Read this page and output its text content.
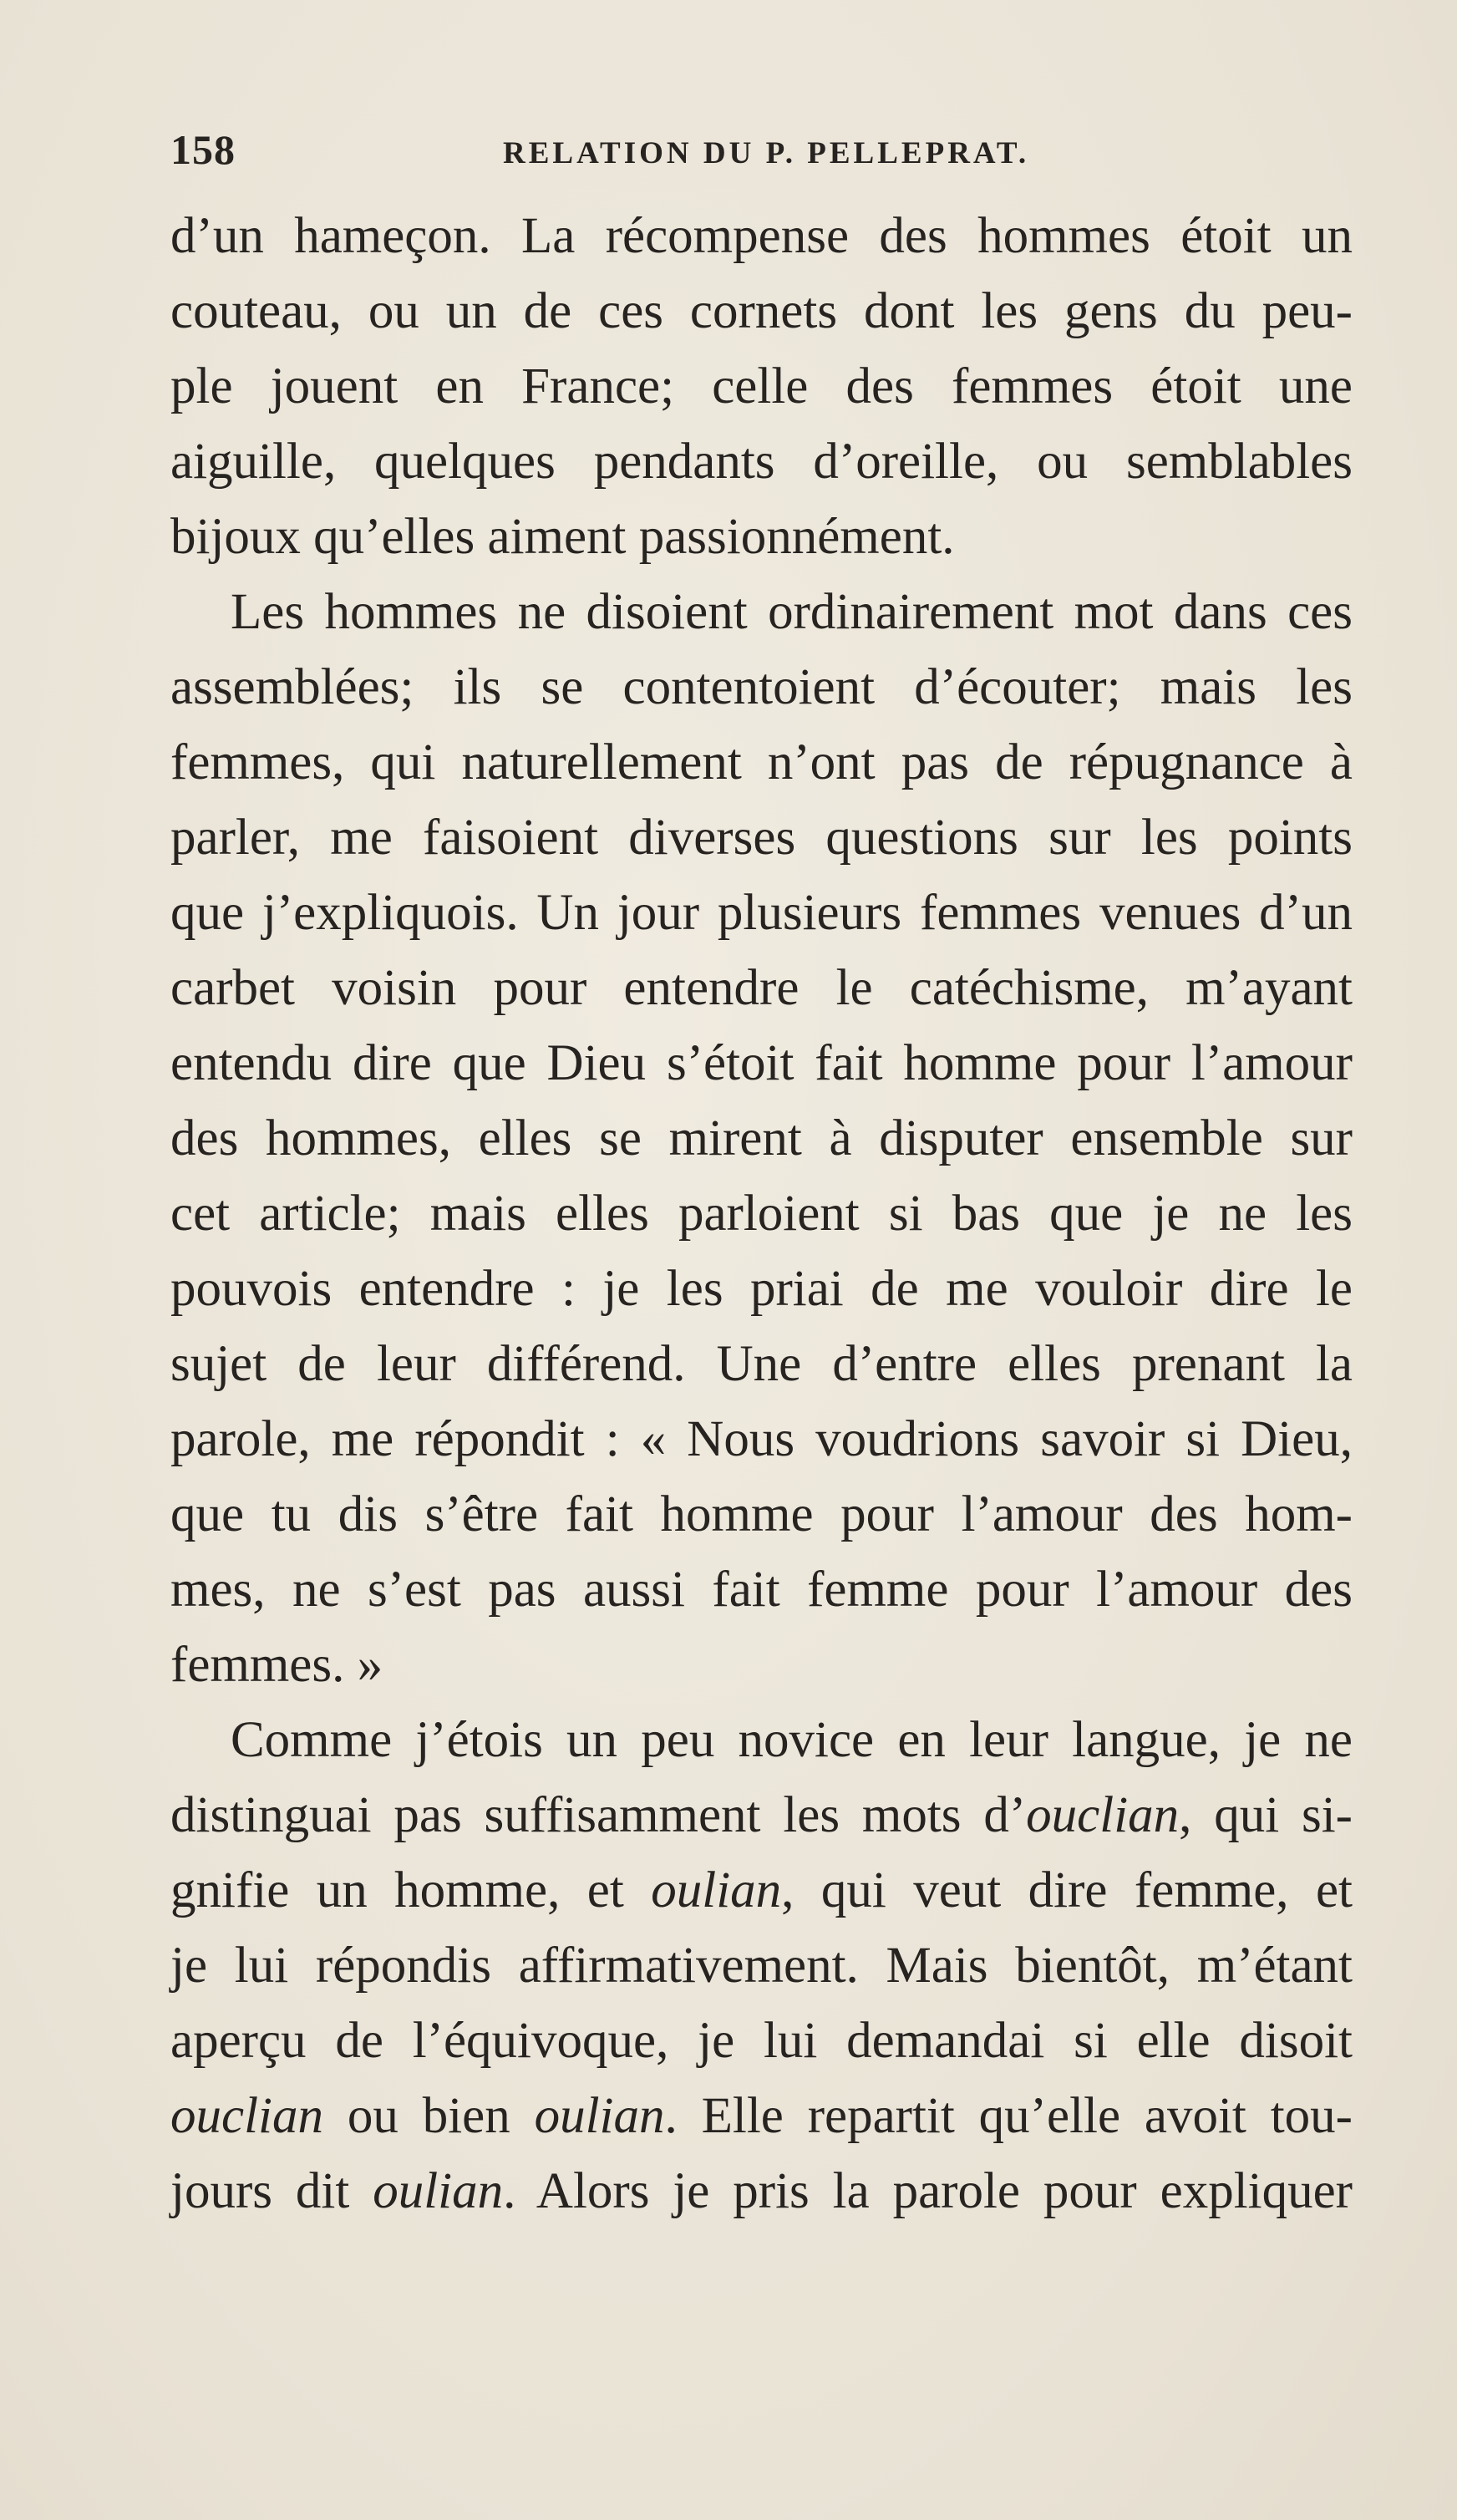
158	RELATION DU P. PELLEPRAT.
d’un hameçon. La récompense des hommes étoit un
couteau, ou un de ces cornets dont les gens du peu-
ple jouent en France; celle des femmes étoit une
aiguille, quelques pendants d’oreille, ou semblables
bijoux qu’elles aiment passionnément.
Les hommes ne disoient ordinairement mot dans ces
assemblées; ils se contentoient d’écouter; mais les
femmes, qui naturellement n’ont pas de répugnance à
parler, me faisoient diverses questions sur les points
que j’expliquois. Un jour plusieurs femmes venues d’un
carbet voisin pour entendre le catéchisme, m’ayant
entendu dire que Dieu s’étoit fait homme pour l’amour
des hommes, elles se mirent à disputer ensemble sur
cet article; mais elles parloient si bas que je ne les
pouvois entendre : je les priai de me vouloir dire le
sujet de leur différend. Une d’entre elles prenant la
parole, me répondit : « Nous voudrions savoir si Dieu,
que tu dis s’être fait homme pour l’amour des hom-
mes, ne s’est pas aussi fait femme pour l’amour des
femmes. »
Comme j’étois un peu novice en leur langue, je ne
distinguai pas suffisamment les mots d’ouclian, qui si-
gnifie un homme, et oulian, qui veut dire femme, et
je lui répondis affirmativement. Mais bientôt, m’étant
aperçu de l’équivoque, je lui demandai si elle disoit
ouclian ou bien oulian. Elle repartit qu’elle avoit tou-
jours dit oulian. Alors je pris la parole pour expliquer
